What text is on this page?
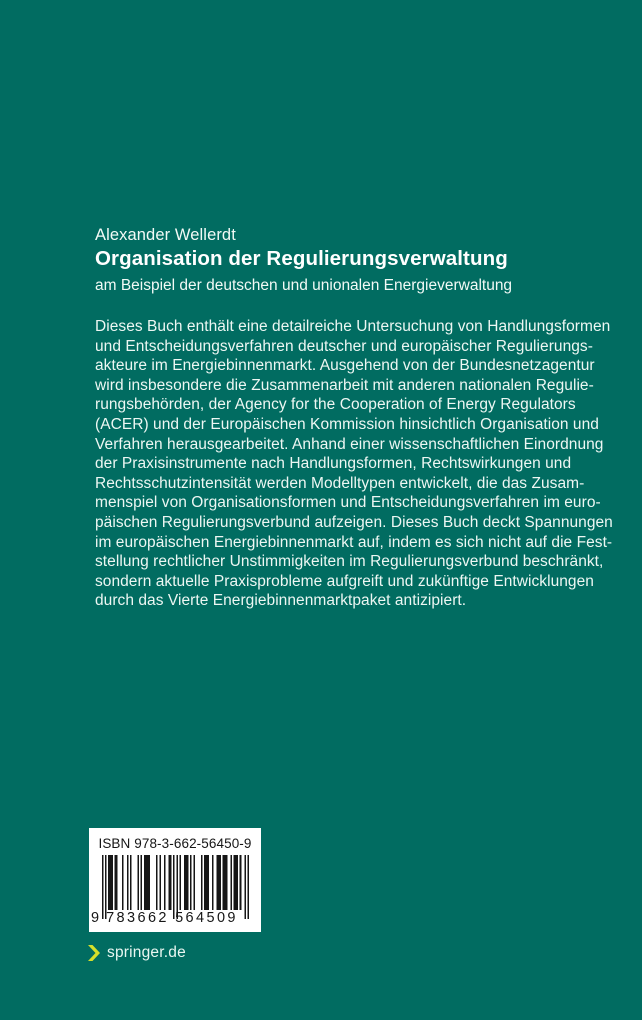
Alexander Wellerdt
Organisation der Regulierungsverwaltung
am Beispiel der deutschen und unionalen Energieverwaltung
Dieses Buch enthält eine detailreiche Untersuchung von Handlungsformen
und Entscheidungsverfahren deutscher und europäischer Regulierungs-
akteure im Energiebinnenmarkt. Ausgehend von der Bundesnetzagentur
wird insbesondere die Zusammenarbeit mit anderen nationalen Regulie-
rungsbehörden, der Agency for the Cooperation of Energy Regulators
(ACER) und der Europäischen Kommission hinsichtlich Organisation und
Verfahren herausgearbeitet. Anhand einer wissenschaftlichen Einordnung
der Praxisinstrumente nach Handlungsformen, Rechtswirkungen und
Rechtsschutzintensität werden Modelltypen entwickelt, die das Zusam-
menspiel von Organisationsformen und Entscheidungsverfahren im euro-
päischen Regulierungsverbund aufzeigen. Dieses Buch deckt Spannungen
im europäischen Energiebinnenmarkt auf, indem es sich nicht auf die Fest-
stellung rechtlicher Unstimmigkeiten im Regulierungsverbund beschränkt,
sondern aktuelle Praxisprobleme aufgreift und zukünftige Entwicklungen
durch das Vierte Energiebinnenmarktpaket antizipiert.
ISBN 978-3-662-56450-9
9 783662 564509
springer.de
